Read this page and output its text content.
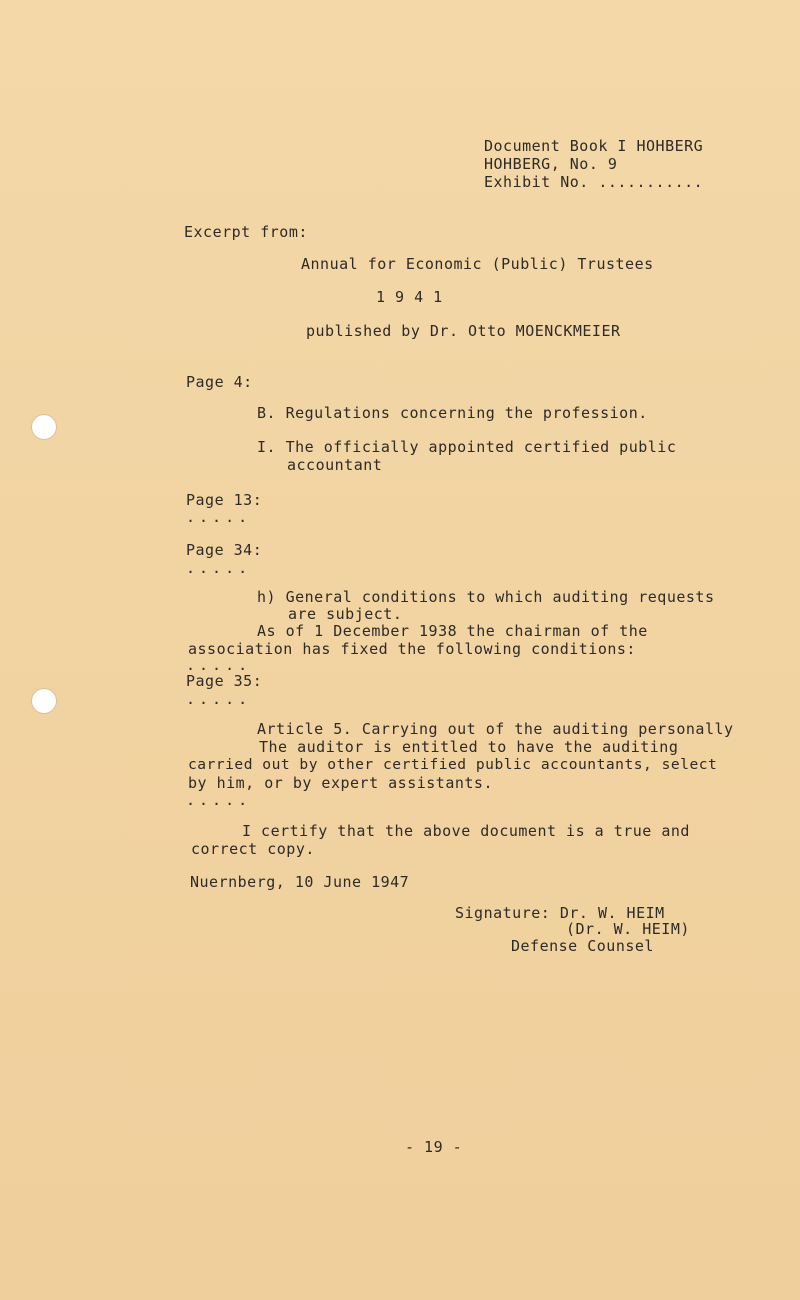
Document Book I HOHBERG
HOHBERG, No. 9
Exhibit No. ...........
Excerpt from:
Annual for Economic (Public) Trustees
1 9 4 1
published by Dr. Otto MOENCKMEIER
Page 4:
B. Regulations concerning the profession.
I. The officially appointed certified public
accountant
Page 13:
.....
Page 34:
.....
h) General conditions to which auditing requests
are subject.
As of 1 December 1938 the chairman of the
association has fixed the following conditions:
.....
Page 35:
.....
Article 5. Carrying out of the auditing personally
The auditor is entitled to have the auditing
carried out by other certified public accountants, select
by him, or by expert assistants.
.....
I certify that the above document is a true and
correct copy.
Nuernberg, 10 June 1947
Signature: Dr. W. HEIM
(Dr. W. HEIM)
Defense Counsel
- 19 -
